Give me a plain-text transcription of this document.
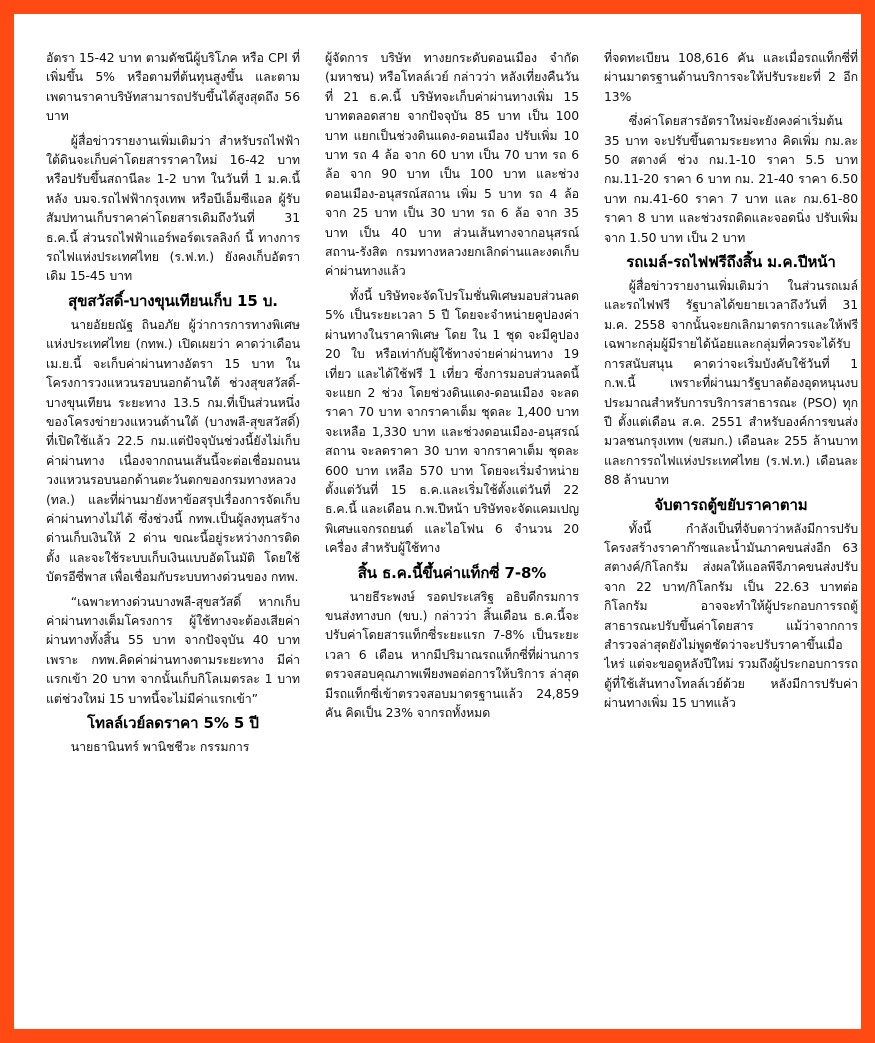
อัตรา 15-42 บาท ตามดัชนีผู้บริโภค หรือ CPI ที่เพิ่มขึ้น 5% หรือตามที่ต้นทุนสูงขึ้น และตามเพดานราคาบริษัทสามารถปรับขึ้นได้สูงสุดถึง 56 บาท

ผู้สื่อข่าวรายงานเพิ่มเติมว่า สำหรับรถไฟฟ้าใต้ดินจะเก็บค่าโดยสารราคาใหม่ 16-42 บาท หรือปรับขึ้นสถานีละ 1-2 บาท ในวันที่ 1 ม.ค.นี้ หลัง บมจ.รถไฟฟ้ากรุงเทพ หรือบีเอ็มซีแอล ผู้รับสัมปทานเก็บราคาค่าโดยสารเดิมถึงวันที่ 31 ธ.ค.นี้ ส่วนรถไฟฟ้าแอร์พอร์ตเรลลิงก์ นี้ ทางการรถไฟแห่งประเทศไทย (ร.ฟ.ท.) ยังคงเก็บอัตราเดิม 15-45 บาท

สุขสวัสดิ์-บางขุนเทียนเก็บ 15 บ.

นายอัยยณัฐ ถินอภัย ผู้ว่าการการทางพิเศษแห่งประเทศไทย (กทพ.) เปิดเผยว่า คาดว่าเดือน เม.ย.นี้ จะเก็บค่าผ่านทางอัตรา 15 บาท ในโครงการวงแหวนรอบนอกด้านใต้ ช่วงสุขสวัสดิ์-บางขุนเทียน ระยะทาง 13.5 กม.ที่เป็นส่วนหนึ่งของโครงข่ายวงแหวนด้านใต้ (บางพลี-สุขสวัสดิ์) ที่เปิดใช้แล้ว 22.5 กม.แต่ปัจจุบันช่วงนี้ยังไม่เก็บค่าผ่านทาง เนื่องจากถนนเส้นนี้จะต่อเชื่อมถนนวงแหวนรอบนอกด้านตะวันตกของกรมทางหลวง (ทล.) และที่ผ่านมายังหาข้อสรุปเรื่องการจัดเก็บค่าผ่านทางไม่ได้ ซึ่งช่วงนี้ กทพ.เป็นผู้ลงทุนสร้างด่านเก็บเงินให้ 2 ด่าน ขณะนี้อยู่ระหว่างการติดตั้ง และจะใช้ระบบเก็บเงินแบบอัตโนมัติ โดยใช้บัตรอีซี่พาส เพื่อเชื่อมกับระบบทางด่วนของ กทพ.

“เฉพาะทางด่วนบางพลี-สุขสวัสดิ์ หากเก็บค่าผ่านทางเต็มโครงการ ผู้ใช้ทางจะต้องเสียค่าผ่านทางทั้งสิ้น 55 บาท จากปัจจุบัน 40 บาท เพราะ กทพ.คิดค่าผ่านทางตามระยะทาง มีค่าแรกเข้า 20 บาท จากนั้นเก็บกิโลเมตรละ 1 บาท แต่ช่วงใหม่ 15 บาทนี้จะไม่มีค่าแรกเข้า”

โทลล์เวย์ลดราคา 5% 5 ปี

นายธานินทร์ พานิชชีวะ กรรมการ

ผู้จัดการ บริษัท ทางยกระดับดอนเมือง จำกัด (มหาชน) หรือโทลล์เวย์ กล่าวว่า หลังเที่ยงคืนวันที่ 21 ธ.ค.นี้ บริษัทจะเก็บค่าผ่านทางเพิ่ม 15 บาทตลอดสาย จากปัจจุบัน 85 บาท เป็น 100 บาท แยกเป็นช่วงดินแดง-ดอนเมือง ปรับเพิ่ม 10 บาท รถ 4 ล้อ จาก 60 บาท เป็น 70 บาท รถ 6 ล้อ จาก 90 บาท เป็น 100 บาท และช่วงดอนเมือง-อนุสรณ์สถาน เพิ่ม 5 บาท รถ 4 ล้อ จาก 25 บาท เป็น 30 บาท รถ 6 ล้อ จาก 35 บาท เป็น 40 บาท ส่วนเส้นทางจากอนุสรณ์สถาน-รังสิต กรมทางหลวงยกเลิกด่านและงดเก็บค่าผ่านทางแล้ว

ทั้งนี้ บริษัทจะจัดโปรโมชั่นพิเศษมอบส่วนลด 5% เป็นระยะเวลา 5 ปี โดยจะจำหน่ายคูปองค่าผ่านทางในราคาพิเศษ โดย ใน 1 ชุด จะมีคูปอง 20 ใบ หรือเท่ากับผู้ใช้ทางจ่ายค่าผ่านทาง 19 เที่ยว และได้ใช้ฟรี 1 เที่ยว ซึ่งการมอบส่วนลดนี้จะแยก 2 ช่วง โดยช่วงดินแดง-ดอนเมือง จะลดราคา 70 บาท จากราคาเต็ม ชุดละ 1,400 บาท จะเหลือ 1,330 บาท และช่วงดอนเมือง-อนุสรณ์สถาน จะลดราคา 30 บาท จากราคาเต็ม ชุดละ 600 บาท เหลือ 570 บาท โดยจะเริ่มจำหน่ายตั้งแต่วันที่ 15 ธ.ค.และเริ่มใช้ตั้งแต่วันที่ 22 ธ.ค.นี้ และเดือน ก.พ.ปีหน้า บริษัทจะจัดแคมเปญพิเศษแจกรถยนต์ และไอโฟน 6 จำนวน 20 เครื่อง สำหรับผู้ใช้ทาง

สิ้น ธ.ค.นี้ขึ้นค่าแท็กซี่ 7-8%

นายธีระพงษ์ รอดประเสริฐ อธิบดีกรมการขนส่งทางบก (ขบ.) กล่าวว่า สิ้นเดือน ธ.ค.นี้จะปรับค่าโดยสารแท็กซี่ระยะแรก 7-8% เป็นระยะเวลา 6 เดือน หากมีปริมาณรถแท็กซี่ที่ผ่านการตรวจสอบคุณภาพเพียงพอต่อการให้บริการ ล่าสุดมีรถแท็กซี่เข้าตรวจสอบมาตรฐานแล้ว 24,859 คัน คิดเป็น 23% จากรถทั้งหมด

ที่จดทะเบียน 108,616 คัน และเมื่อรถแท็กซี่ที่ผ่านมาตรฐานด้านบริการจะให้ปรับระยะที่ 2 อีก 13%

ซึ่งค่าโดยสารอัตราใหม่จะยังคงค่าเริ่มต้น 35 บาท จะปรับขึ้นตามระยะทาง คิดเพิ่ม กม.ละ 50 สตางค์ ช่วง กม.1-10 ราคา 5.5 บาท กม.11-20 ราคา 6 บาท กม. 21-40 ราคา 6.50 บาท กม.41-60 ราคา 7 บาท และ กม.61-80 ราคา 8 บาท และช่วงรถติดและจอดนิ่ง ปรับเพิ่มจาก 1.50 บาท เป็น 2 บาท

รถเมล์-รถไฟฟรีถึงสิ้น ม.ค.ปีหน้า

ผู้สื่อข่าวรายงานเพิ่มเติมว่า ในส่วนรถเมล์และรถไฟฟรี รัฐบาลได้ขยายเวลาถึงวันที่ 31 ม.ค. 2558 จากนั้นจะยกเลิกมาตรการและให้ฟรีเฉพาะกลุ่มผู้มีรายได้น้อยและกลุ่มที่ควรจะได้รับการสนับสนุน คาดว่าจะเริ่มบังคับใช้วันที่ 1 ก.พ.นี้ เพราะที่ผ่านมารัฐบาลต้องอุดหนุนงบประมาณสำหรับการบริการสาธารณะ (PSO) ทุกปี ตั้งแต่เดือน ส.ค. 2551 สำหรับองค์การขนส่งมวลชนกรุงเทพ (ขสมก.) เดือนละ 255 ล้านบาท และการรถไฟแห่งประเทศไทย (ร.ฟ.ท.) เดือนละ 88 ล้านบาท

จับตารถตู้ขยับราคาตาม

ทั้งนี้ กำลังเป็นที่จับตาว่าหลังมีการปรับโครงสร้างราคาก๊าซและน้ำมันภาคขนส่งอีก 63 สตางค์/กิโลกรัม ส่งผลให้แอลพีจีภาคขนส่งปรับจาก 22 บาท/กิโลกรัม เป็น 22.63 บาทต่อกิโลกรัม อาจจะทำให้ผู้ประกอบการรถตู้สาธารณะปรับขึ้นค่าโดยสาร แม้ว่าจากการสำรวจล่าสุดยังไม่พูดชัดว่าจะปรับราคาขึ้นเมื่อไหร่ แต่จะขอดูหลังปีใหม่ รวมถึงผู้ประกอบการรถตู้ที่ใช้เส้นทางโทลล์เวย์ด้วย หลังมีการปรับค่าผ่านทางเพิ่ม 15 บาทแล้ว
